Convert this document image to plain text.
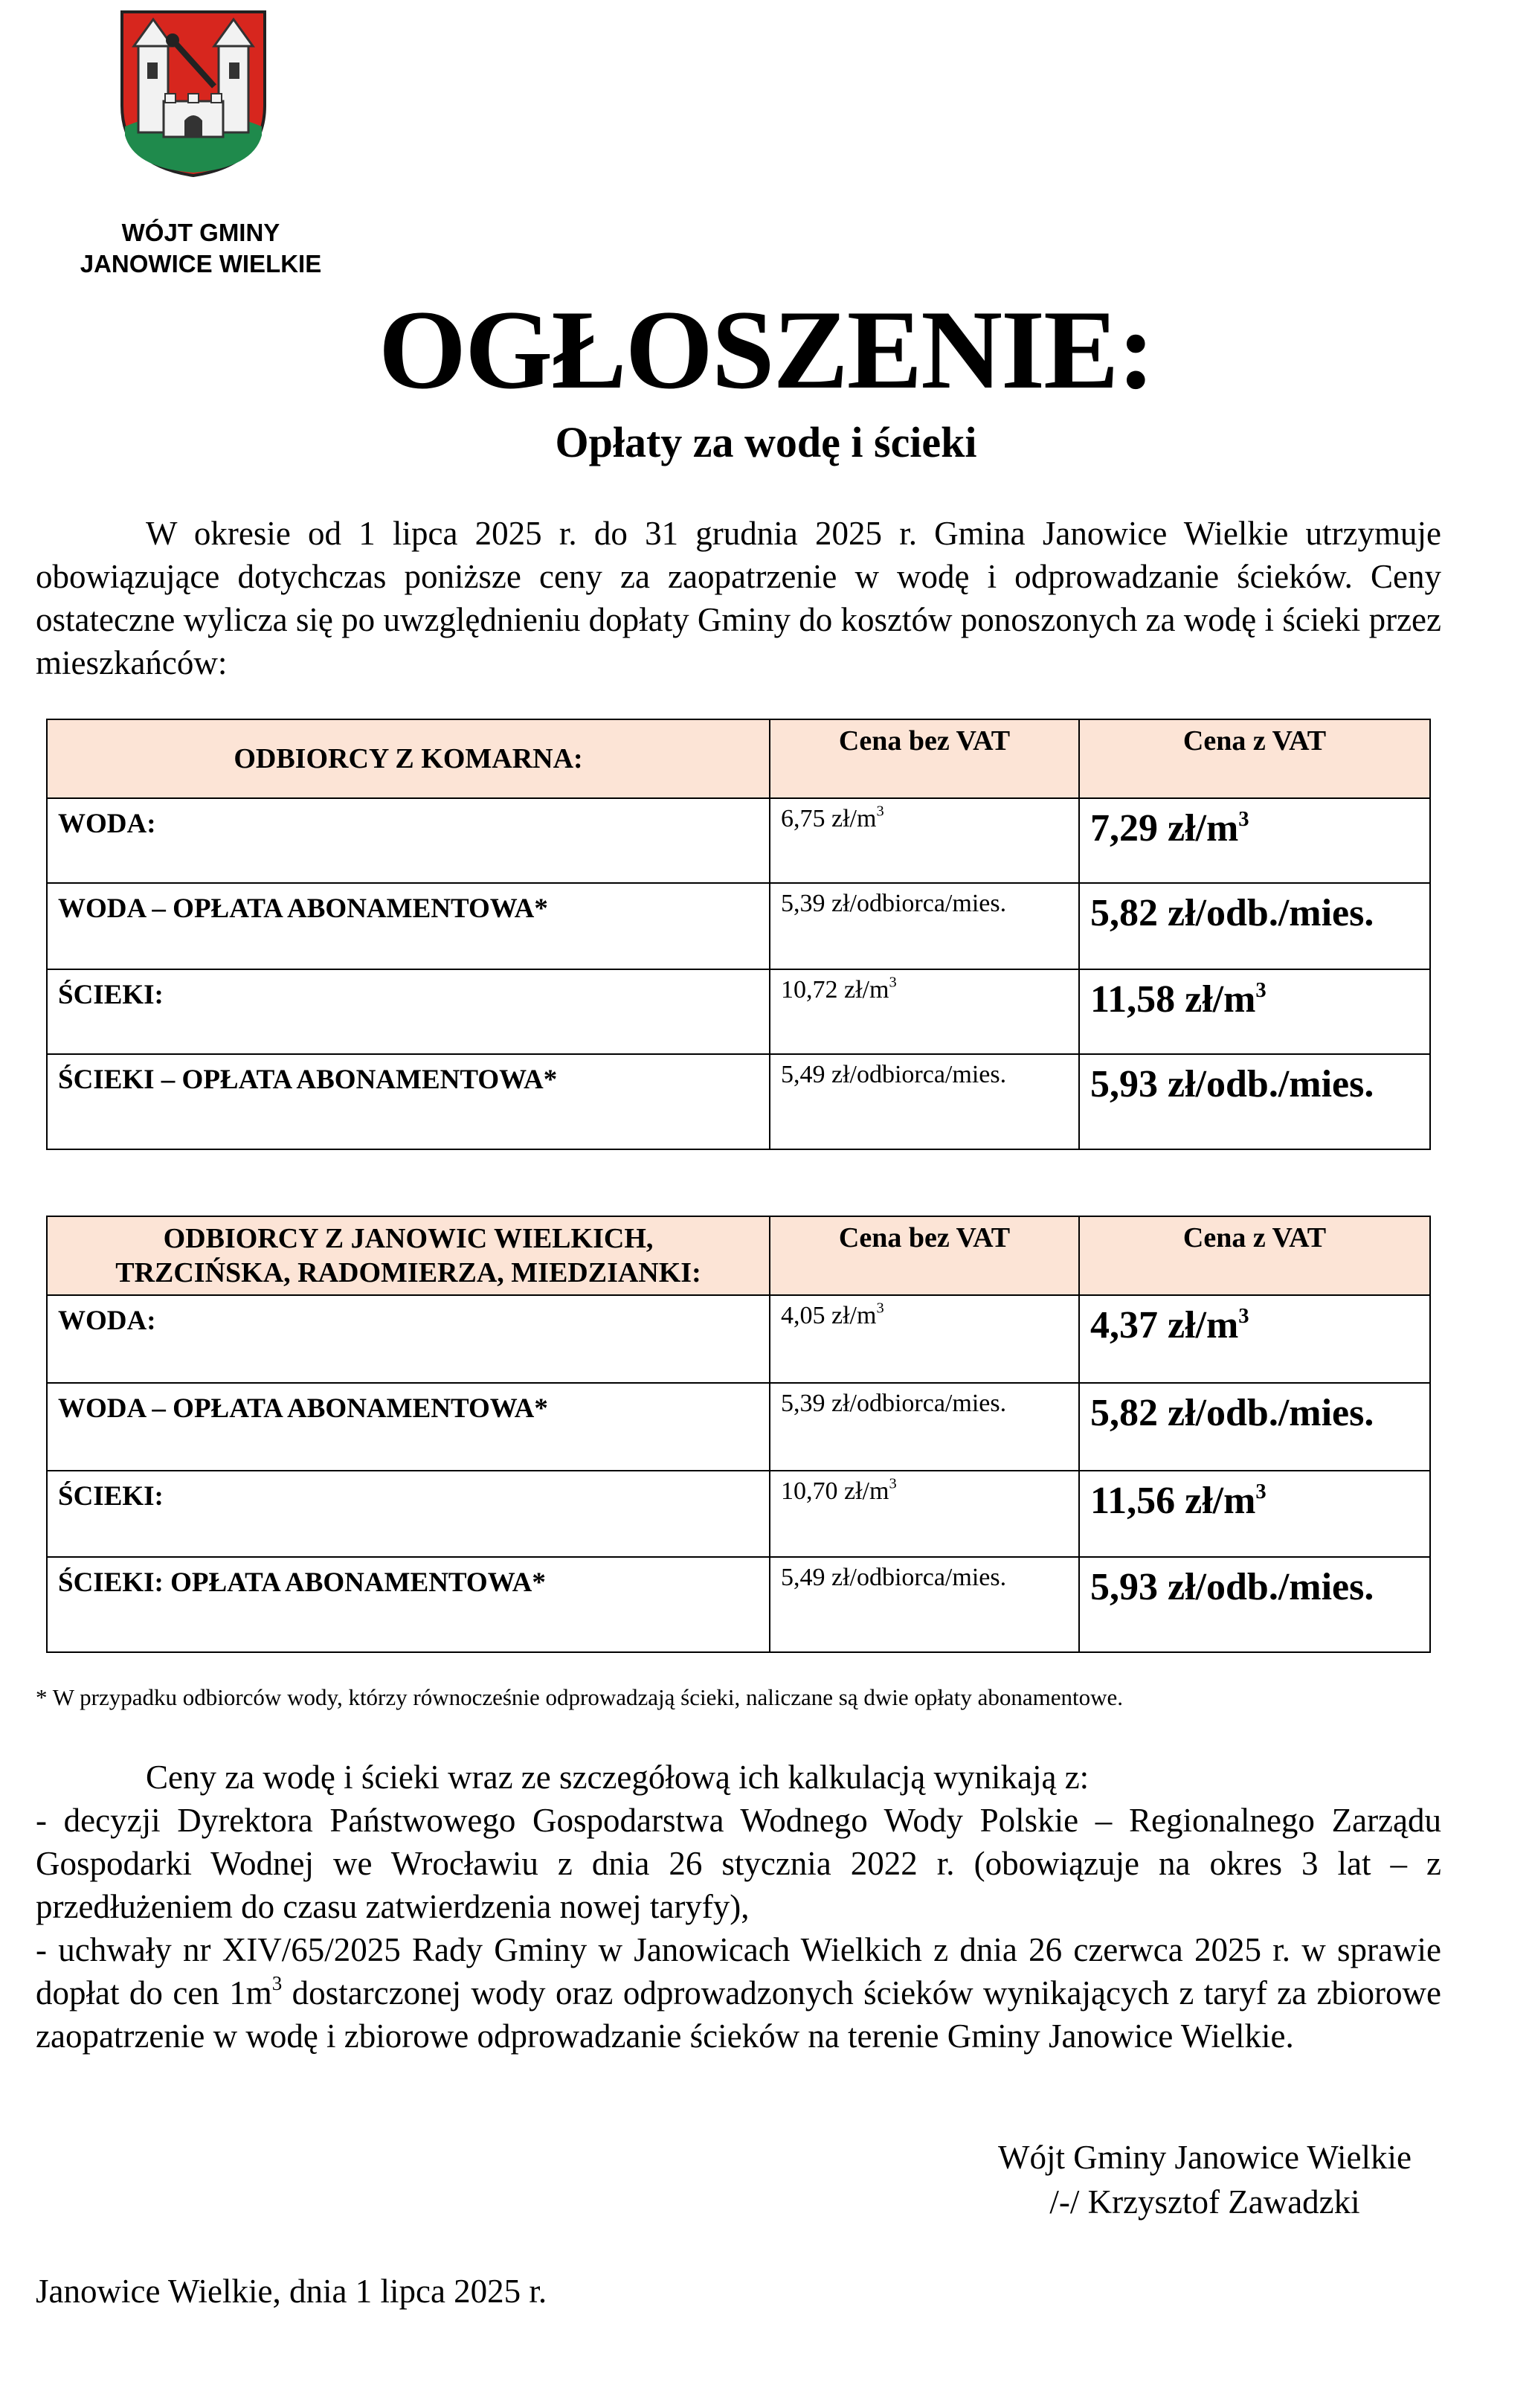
WÓJT GMINY
JANOWICE WIELKIE
OGŁOSZENIE:
Opłaty za wodę i ścieki
W okresie od 1 lipca 2025 r. do 31 grudnia 2025 r. Gmina Janowice Wielkie utrzymuje obowiązujące dotychczas poniższe ceny za zaopatrzenie w wodę i odprowadzanie ścieków. Ceny ostateczne wylicza się po uwzględnieniu dopłaty Gminy do kosztów ponoszonych za wodę i ścieki przez mieszkańców:
ODBIORCY Z KOMARNA:	Cena bez VAT	Cena z VAT
WODA:	6,75 $zł/m^3$	7,29 $zł/m^3$
WODA – OPŁATA ABONAMENTOWA*	5,39 zł/odbiorca/mies.	5,82 zł/odb./mies.
ŚCIEKI:	10,72 $zł/m^3$	11,58 $zł/m^3$
ŚCIEKI – OPŁATA ABONAMENTOWA*	5,49 zł/odbiorca/mies.	5,93 zł/odb./mies.
ODBIORCY Z JANOWIC WIELKICH,
TRZCIŃSKA, RADOMIERZA, MIEDZIANKI:	Cena bez VAT	Cena z VAT
WODA:	4,05 $zł/m^3$	4,37 $zł/m^3$
WODA – OPŁATA ABONAMENTOWA*	5,39 zł/odbiorca/mies.	5,82 zł/odb./mies.
ŚCIEKI:	10,70 $zł/m^3$	11,56 $zł/m^3$
ŚCIEKI: OPŁATA ABONAMENTOWA*	5,49 zł/odbiorca/mies.	5,93 zł/odb./mies.
* W przypadku odbiorców wody, którzy równocześnie odprowadzają ścieki, naliczane są dwie opłaty abonamentowe.
Ceny za wodę i ścieki wraz ze szczegółową ich kalkulacją wynikają z:
- decyzji Dyrektora Państwowego Gospodarstwa Wodnego Wody Polskie – Regionalnego Zarządu Gospodarki Wodnej we Wrocławiu z dnia 26 stycznia 2022 r. (obowiązuje na okres 3 lat – z przedłużeniem do czasu zatwierdzenia nowej taryfy),
- uchwały nr XIV/65/2025 Rady Gminy w Janowicach Wielkich z dnia 26 czerwca 2025 r. w sprawie dopłat do cen $1m^3$ dostarczonej wody oraz odprowadzonych ścieków wynikających z taryf za zbiorowe zaopatrzenie w wodę i zbiorowe odprowadzanie ścieków na terenie Gminy Janowice Wielkie.
Wójt Gminy Janowice Wielkie
/-/ Krzysztof Zawadzki
Janowice Wielkie, dnia 1 lipca 2025 r.
